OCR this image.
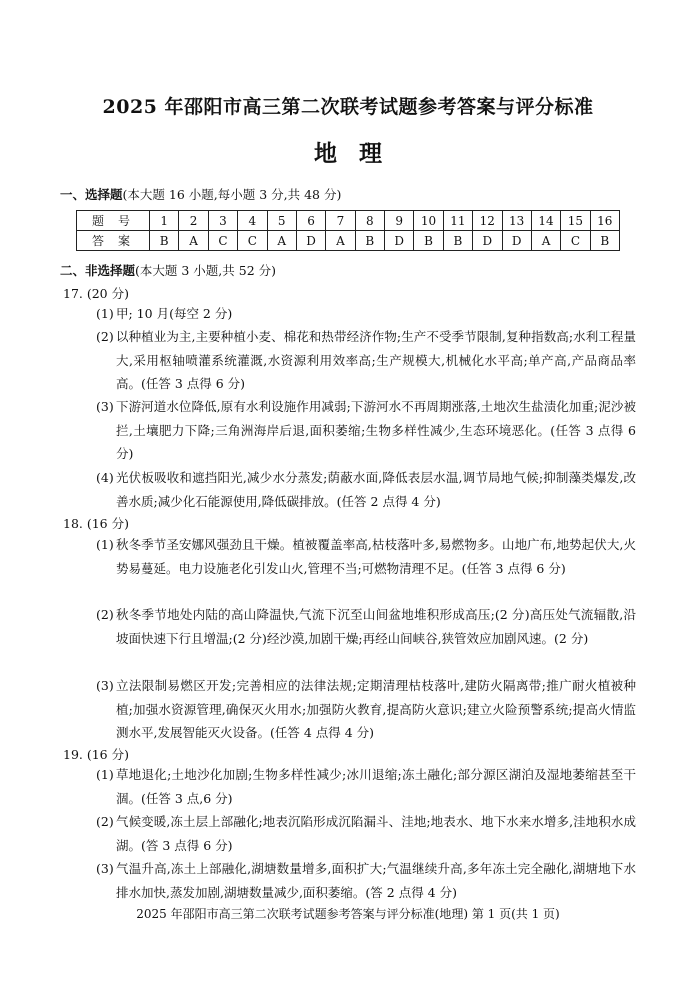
2025 年邵阳市高三第二次联考试题参考答案与评分标准
地理
一、选择题(本大题 16 小题,每小题 3 分,共 48 分)
题号	1	2	3	4	5	6	7	8	9	10	11	12	13	14	15	16
答案	B	A	C	C	A	D	A	B	D	B	B	D	D	A	C	B
二、非选择题(本大题 3 小题,共 52 分)
17. (20 分)
(1) 甲; 10 月(每空 2 分)
(2) 以种植业为主,主要种植小麦、棉花和热带经济作物;生产不受季节限制,复种指数高;水利工程量大,采用枢轴喷灌系统灌溉,水资源利用效率高;生产规模大,机械化水平高;单产高,产品商品率高。(任答 3 点得 6 分)
(3) 下游河道水位降低,原有水利设施作用减弱;下游河水不再周期涨落,土地次生盐渍化加重;泥沙被拦,土壤肥力下降;三角洲海岸后退,面积萎缩;生物多样性减少,生态环境恶化。(任答 3 点得 6 分)
(4) 光伏板吸收和遮挡阳光,减少水分蒸发;荫蔽水面,降低表层水温,调节局地气候;抑制藻类爆发,改善水质;减少化石能源使用,降低碳排放。(任答 2 点得 4 分)
18. (16 分)
(1) 秋冬季节圣安娜风强劲且干燥。植被覆盖率高,枯枝落叶多,易燃物多。山地广布,地势起伏大,火势易蔓延。电力设施老化引发山火,管理不当;可燃物清理不足。(任答 3 点得 6 分)
(2) 秋冬季节地处内陆的高山降温快,气流下沉至山间盆地堆积形成高压;(2 分)高压处气流辐散,沿坡面快速下行且增温;(2 分)经沙漠,加剧干燥;再经山间峡谷,狭管效应加剧风速。(2 分)
(3) 立法限制易燃区开发;完善相应的法律法规;定期清理枯枝落叶,建防火隔离带;推广耐火植被种植;加强水资源管理,确保灭火用水;加强防火教育,提高防火意识;建立火险预警系统;提高火情监测水平,发展智能灭火设备。(任答 4 点得 4 分)
19. (16 分)
(1) 草地退化;土地沙化加剧;生物多样性减少;冰川退缩;冻土融化;部分源区湖泊及湿地萎缩甚至干涸。(任答 3 点,6 分)
(2) 气候变暖,冻土层上部融化;地表沉陷形成沉陷漏斗、洼地;地表水、地下水来水增多,洼地积水成湖。(答 3 点得 6 分)
(3) 气温升高,冻土上部融化,湖塘数量增多,面积扩大;气温继续升高,多年冻土完全融化,湖塘地下水排水加快,蒸发加剧,湖塘数量减少,面积萎缩。(答 2 点得 4 分)
2025 年邵阳市高三第二次联考试题参考答案与评分标准(地理) 第 1 页(共 1 页)
